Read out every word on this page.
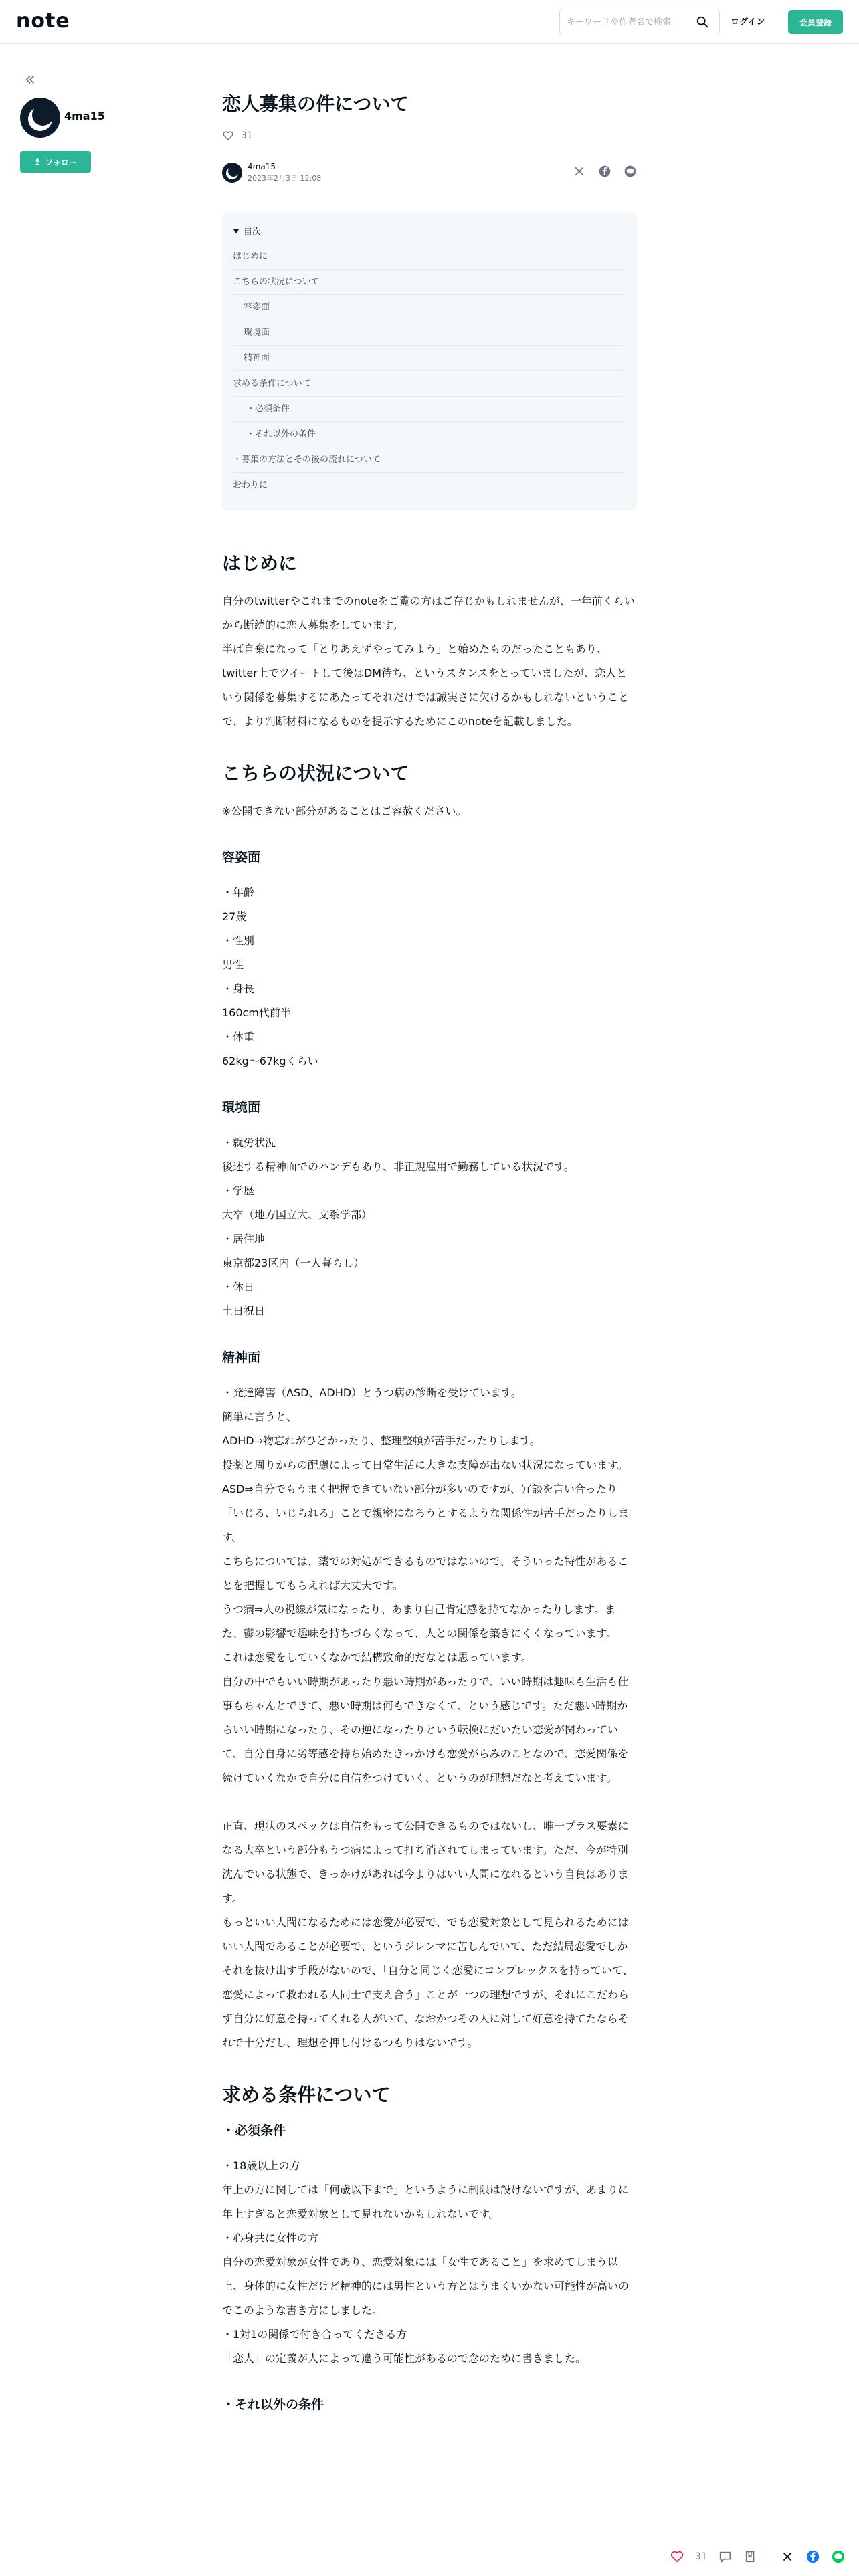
note
キーワードや作者名で検索	ログイン	会員登録
4ma15
フォロー
恋人募集の件について
31
4ma15
2023年2月3日 12:08
目次
はじめに
こちらの状況について
容姿面
環境面
精神面
求める条件について
・必須条件
・それ以外の条件
・募集の方法とその後の流れについて
おわりに
はじめに

自分のtwitterやこれまでのnoteをご覧の方はご存じかもしれませんが、一年前くらいから断続的に恋人募集をしています。

半ば自棄になって「とりあえずやってみよう」と始めたものだったこともあり、twitter上でツイートして後はDM待ち、というスタンスをとっていましたが、恋人という関係を募集するにあたってそれだけでは誠実さに欠けるかもしれないということで、より判断材料になるものを提示するためにこのnoteを記載しました。

こちらの状況について

※公開できない部分があることはご容赦ください。

容姿面
・年齢
27歳
・性別
男性
・身長
160cm代前半
・体重
62kg～67kgくらい
環境面
・就労状況
後述する精神面でのハンデもあり、非正規雇用で勤務している状況です。
・学歴
大卒（地方国立大、文系学部）
・居住地
東京都23区内（一人暮らし）
・休日
土日祝日
精神面

・発達障害（ASD、ADHD）とうつ病の診断を受けています。
簡単に言うと、
ADHD⇒物忘れがひどかったり、整理整頓が苦手だったりします。
投薬と周りからの配慮によって日常生活に大きな支障が出ない状況になっています。
ASD⇒自分でもうまく把握できていない部分が多いのですが、冗談を言い合ったり「いじる、いじられる」ことで親密になろうとするような関係性が苦手だったりします。
こちらについては、薬での対処ができるものではないので、そういった特性があることを把握してもらえれば大丈夫です。
うつ病⇒人の視線が気になったり、あまり自己肯定感を持てなかったりします。また、鬱の影響で趣味を持ちづらくなって、人との関係を築きにくくなっています。
これは恋愛をしていくなかで結構致命的だなとは思っています。
自分の中でもいい時期があったり悪い時期があったりで、いい時期は趣味も生活も仕事もちゃんとできて、悪い時期は何もできなくて、という感じです。ただ悪い時期からいい時期になったり、その逆になったりという転換にだいたい恋愛が関わっていて、自分自身に劣等感を持ち始めたきっかけも恋愛がらみのことなので、恋愛関係を続けていくなかで自分に自信をつけていく、というのが理想だなと考えています。

正直、現状のスペックは自信をもって公開できるものではないし、唯一プラス要素になる大卒という部分もうつ病によって打ち消されてしまっています。ただ、今が特別沈んでいる状態で、きっかけがあれば今よりはいい人間になれるという自負はあります。
もっといい人間になるためには恋愛が必要で、でも恋愛対象として見られるためにはいい人間であることが必要で、というジレンマに苦しんでいて、ただ結局恋愛でしかそれを抜け出す手段がないので、「自分と同じく恋愛にコンプレックスを持っていて、恋愛によって救われる人同士で支え合う」ことが一つの理想ですが、それにこだわらず自分に好意を持ってくれる人がいて、なおかつその人に対して好意を持てたならそれで十分だし、理想を押し付けるつもりはないです。

求める条件について
・必須条件

・18歳以上の方
年上の方に関しては「何歳以下まで」というように制限は設けないですが、あまりに年上すぎると恋愛対象として見れないかもしれないです。
・心身共に女性の方
自分の恋愛対象が女性であり、恋愛対象には「女性であること」を求めてしまう以上、身体的に女性だけど精神的には男性という方とはうまくいかない可能性が高いのでこのような書き方にしました。
・1対1の関係で付き合ってくださる方
「恋人」の定義が人によって違う可能性があるので念のために書きました。

・それ以外の条件
31
